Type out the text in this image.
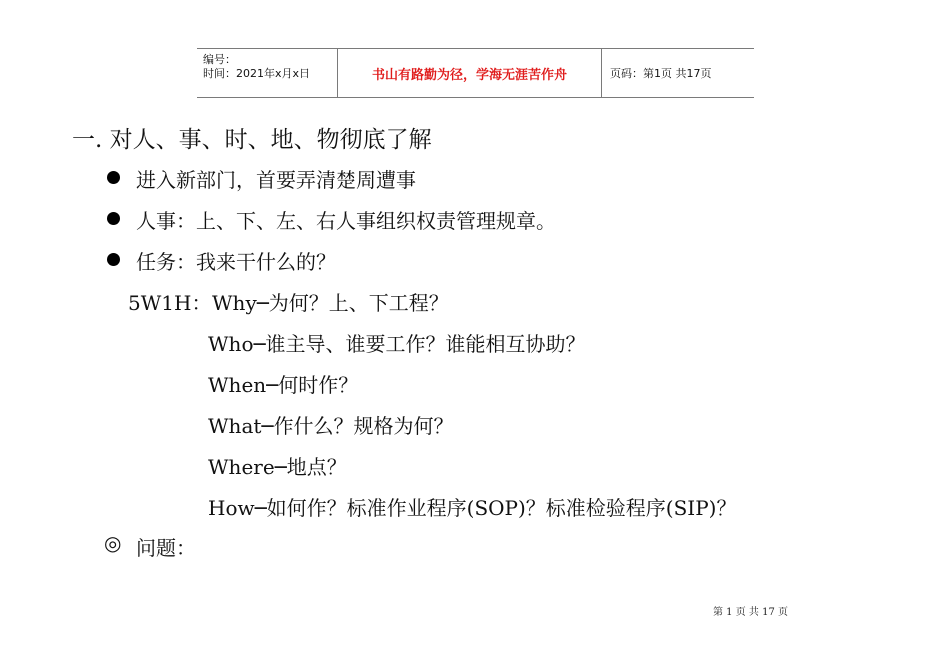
编号：
时间：2021年x月x日	书山有路勤为径，学海无涯苦作舟	页码：第1页 共17页
一. 对人、事、时、地、物彻底了解
进入新部门，首要弄清楚周遭事
人事：上、下、左、右人事组织权责管理规章。
任务：我来干什么的？
5W1H： Why─为何？上、下工程？
Who─谁主导、谁要工作？谁能相互协助？
When─何时作？
What─作什么？规格为何？
Where─地点？
How─如何作？标准作业程序(SOP)？标准检验程序(SIP)？
◎ 问题：
第 1 页 共 17 页
